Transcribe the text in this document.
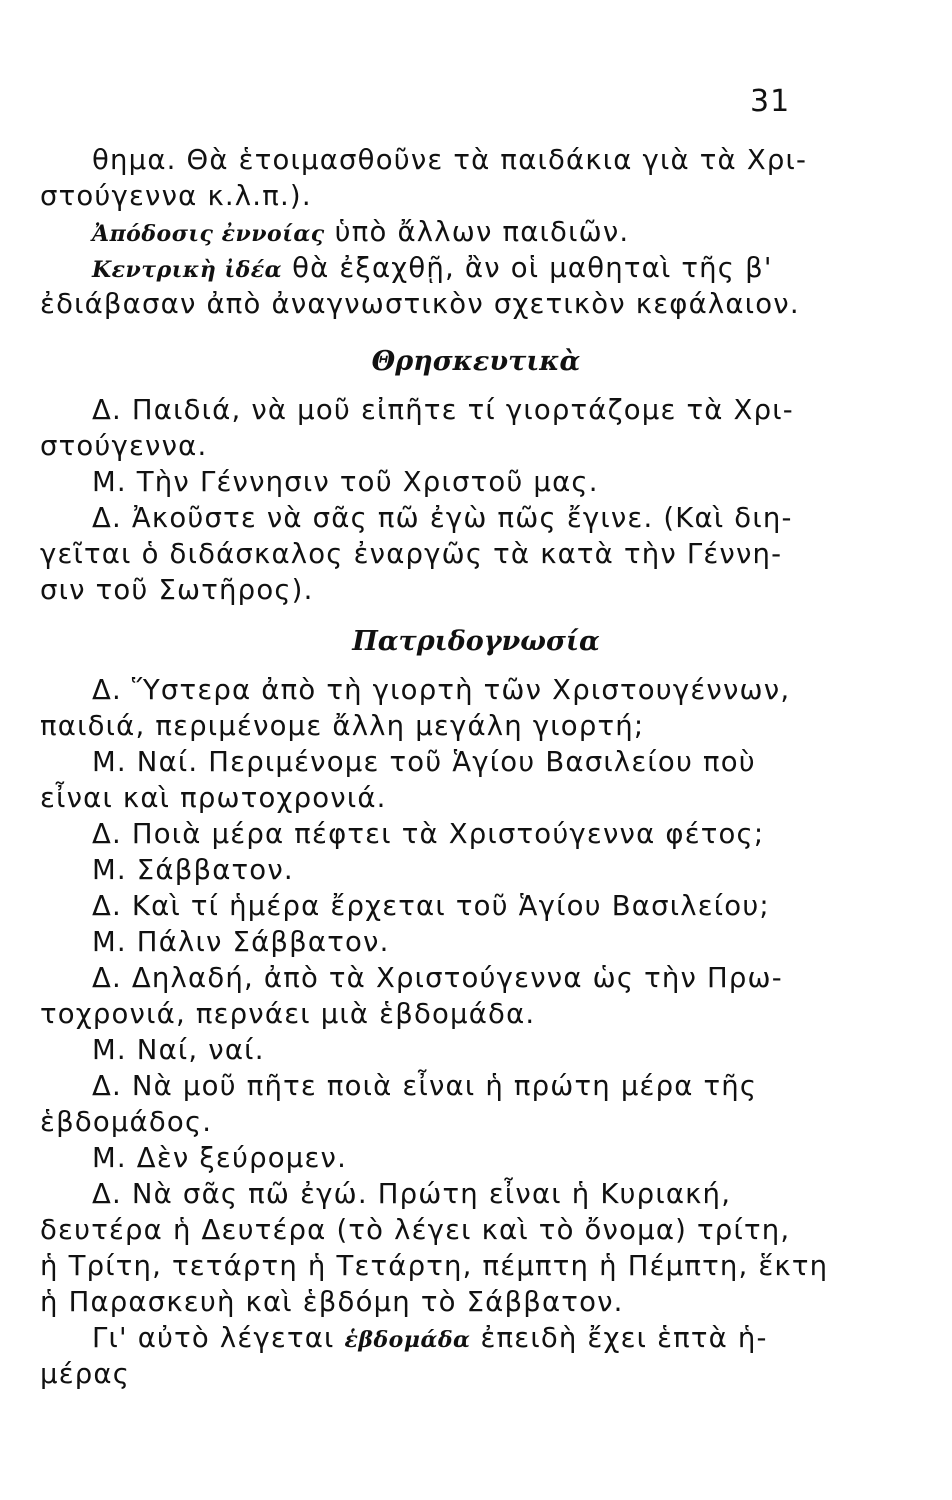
31
θημα. Θὰ ἑτοιμασθοῦνε τὰ παιδάκια γιὰ τὰ Χρι-
στούγεννα κ.λ.π.).
Ἀπόδοσις ἐννοίας ὑπὸ ἄλλων παιδιῶν.
Κεντρικὴ ἰδέα θὰ ἐξαχθῇ, ἂν οἱ μαθηταὶ τῆς β'
ἐδιάβασαν ἀπὸ ἀναγνωστικὸν σχετικὸν κεφάλαιον.
Θρησκευτικὰ
Δ. Παιδιά, νὰ μοῦ εἰπῆτε τί γιορτάζομε τὰ Χρι-
στούγεννα.
Μ. Τὴν Γέννησιν τοῦ Χριστοῦ μας.
Δ. Ἀκοῦστε νὰ σᾶς πῶ ἐγὼ πῶς ἔγινε. (Καὶ διη-
γεῖται ὁ διδάσκαλος ἐναργῶς τὰ κατὰ τὴν Γέννη-
σιν τοῦ Σωτῆρος).
Πατριδογνωσία
Δ. Ὕστερα ἀπὸ τὴ γιορτὴ τῶν Χριστουγέννων,
παιδιά, περιμένομε ἄλλη μεγάλη γιορτή;
Μ. Ναί. Περιμένομε τοῦ Ἁγίου Βασιλείου ποὺ
εἶναι καὶ πρωτοχρονιά.
Δ. Ποιὰ μέρα πέφτει τὰ Χριστούγεννα φέτος;
Μ. Σάββατον.
Δ. Καὶ τί ἡμέρα ἔρχεται τοῦ Ἁγίου Βασιλείου;
Μ. Πάλιν Σάββατον.
Δ. Δηλαδή, ἀπὸ τὰ Χριστούγεννα ὡς τὴν Πρω-
τοχρονιά, περνάει μιὰ ἑβδομάδα.
Μ. Ναί, ναί.
Δ. Νὰ μοῦ πῆτε ποιὰ εἶναι ἡ πρώτη μέρα τῆς
ἑβδομάδος.
Μ. Δὲν ξεύρομεν.
Δ. Νὰ σᾶς πῶ ἐγώ. Πρώτη εἶναι ἡ Κυριακή,
δευτέρα ἡ Δευτέρα (τὸ λέγει καὶ τὸ ὄνομα) τρίτη,
ἡ Τρίτη, τετάρτη ἡ Τετάρτη, πέμπτη ἡ Πέμπτη, ἕκτη
ἡ Παρασκευὴ καὶ ἑβδόμη τὸ Σάββατον.
Γι' αὐτὸ λέγεται ἑβδομάδα ἐπειδὴ ἔχει ἑπτὰ ἡ-
μέρας
